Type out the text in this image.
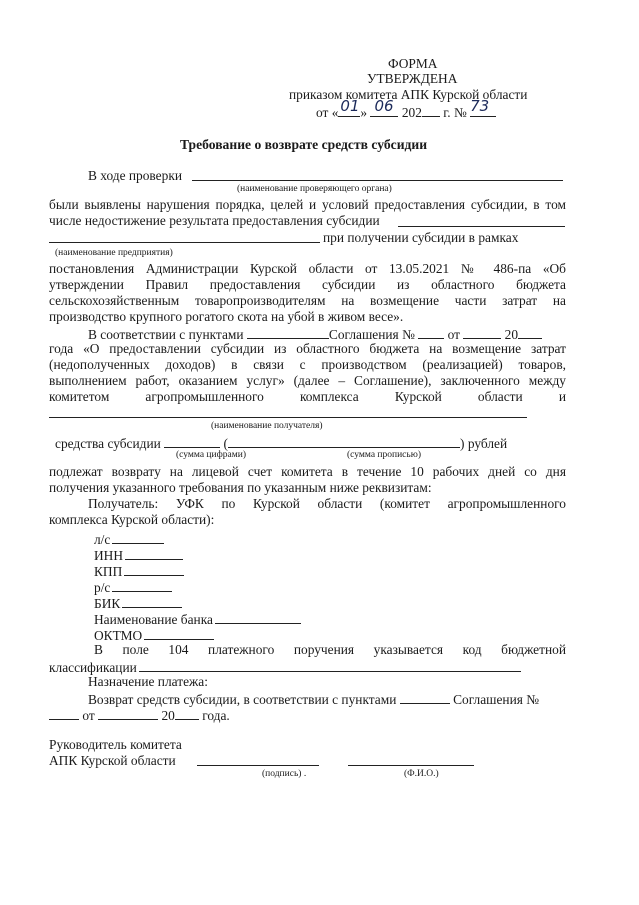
ФОРМА
УТВЕРЖДЕНА
приказом комитета АПК Курской области
от « 01 » 06 202 г. № 73
Требование о возврате средств субсидии
В ходе проверки
(наименование проверяющего органа)
были выявлены нарушения порядка, целей и условий предоставления субсидии, в том
числе недостижение результата предоставления субсидии
при получении субсидии в рамках
(наименование предприятия)
постановления Администрации Курской области от 13.05.2021 № 486-па «Об
утверждении Правил предоставления субсидии из областного бюджета
сельскохозяйственным товаропроизводителям на возмещение части затрат на
производство крупного рогатого скота на убой в живом весе».
В соответствии с пунктами	Соглашения № от	20
года «О предоставлении субсидии из областного бюджета на возмещение затрат
(недополученных доходов) в связи с производством (реализацией) товаров,
выполнением работ, оказанием услуг» (далее – Соглашение), заключенного между
комитетом агропромышленного комплекса Курской области и
(наименование получателя)
средства субсидии	(	) рублей
(сумма цифрами)	(сумма прописью)
подлежат возврату на лицевой счет комитета в течение 10 рабочих дней со дня
получения указанного требования по указанным ниже реквизитам:
Получатель: УФК по Курской области (комитет агропромышленного
комплекса Курской области):
л/с
ИНН
КПП
р/с
БИК
Наименование банка
ОКТМО
В поле 104 платежного поручения указывается код бюджетной
классификации
Назначение платежа:
Возврат средств субсидии, в соответствии с пунктами	Соглашения №
от	20 года.
Руководитель комитета
АПК Курской области
(подпись) .	(Ф.И.О.)
